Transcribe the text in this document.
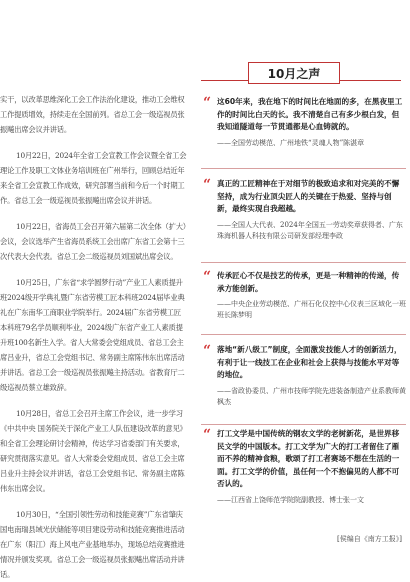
实干，以改革思维深化工会工作法治化建设，推动工会维权工作提质增效，持续走在全国前列。省总工会一级巡视员张振飚出席会议并讲话。

10月22日，2024年全省工会宣教工作会议暨全省工会理论工作及职工文体业务培训班在广州举行，回顾总结近年来全省工会宣教工作成效，研究部署当前和今后一个时期工作。省总工会一级巡视员张振飚出席会议并讲话。

10月22日，省海员工会召开第六届第二次全体（扩大）会议，会议选举产生省海员系统工会出席广东省工会第十三次代表大会代表。省总工会二级巡视员刘国斌出席会议。

10月25日，广东省“求学圆梦行动”产业工人素质提升班2024级开学典礼暨广东省劳模工匠本科班2024届毕业典礼在广东南华工商职业学院举行。2024届广东省劳模工匠本科班79名学员顺利毕业，2024级广东省产业工人素质提升班100名新生入学。省人大常委会党组成员、省总工会主席吕业升，省总工会党组书记、常务副主席陈伟东出席活动并讲话。省总工会一级巡视员张振飚主持活动。省教育厅二级巡视员蔡立雄致辞。

10月28日，省总工会召开主席工作会议，进一步学习《中共中央 国务院关于深化产业工人队伍建设改革的意见》和全省工会理论研讨会精神，传达学习省委部门有关要求，研究贯彻落实意见。省人大常委会党组成员、省总工会主席吕业升主持会议并讲话，省总工会党组书记、常务副主席陈伟东出席会议。

10月30日，“全国引领性劳动和技能竞赛”广东省肇庆国电南瑞县域光伏储能等项目建设劳动和技能竞赛推进活动在广东（阳江）海上风电产业基地举办，现场总结竞赛推进情况并颁发奖项。省总工会一级巡视员张振飚出席活动并讲话。

10月之声
“ 这60年来，我在地下的时间比在地面的多，在黑夜里工作的时间比白天的长。我不清楚自己有多少根白发，但我知道隧道每一节贯通都是心血铸就的。

——全国劳动模范、广州地铁“灵魂人物”陈湛章

“ 真正的工匠精神在于对细节的极致追求和对完美的不懈坚持，成为行业顶尖匠人的关键在于热爱、坚持与创新，最终实现自我超越。

——全国人大代表、2024年全国五一劳动奖章获得者、广东珠海机器人科技有限公司研发部经理李政

“ 传承匠心不仅是技艺的传承，更是一种精神的传递，传承方能创新。

——中央企业劳动模范、广州石化仪控中心仪表三区域化一班班长陈梦明

“ 落地“新八级工”制度，全面激发技能人才的创新活力，有利于让一线技工在企业和社会上获得与技能水平对等的地位。

——省政协委员、广州市技师学院先进装备制造产业系教师黄枫杰

“ 打工文学是中国传统的钢农文学的老树新花，是世界移民文学的中国版本。打工文学为广大的打工者留住了雁而不养的精神食粮，歌颂了打工者赛场不想在生活的一面。打工文学的价值，虽任何一个不抱偏见的人都不可否认的。

——江西省上饶师范学院院副教授、博士张一文

[侯编自《南方工报》]
